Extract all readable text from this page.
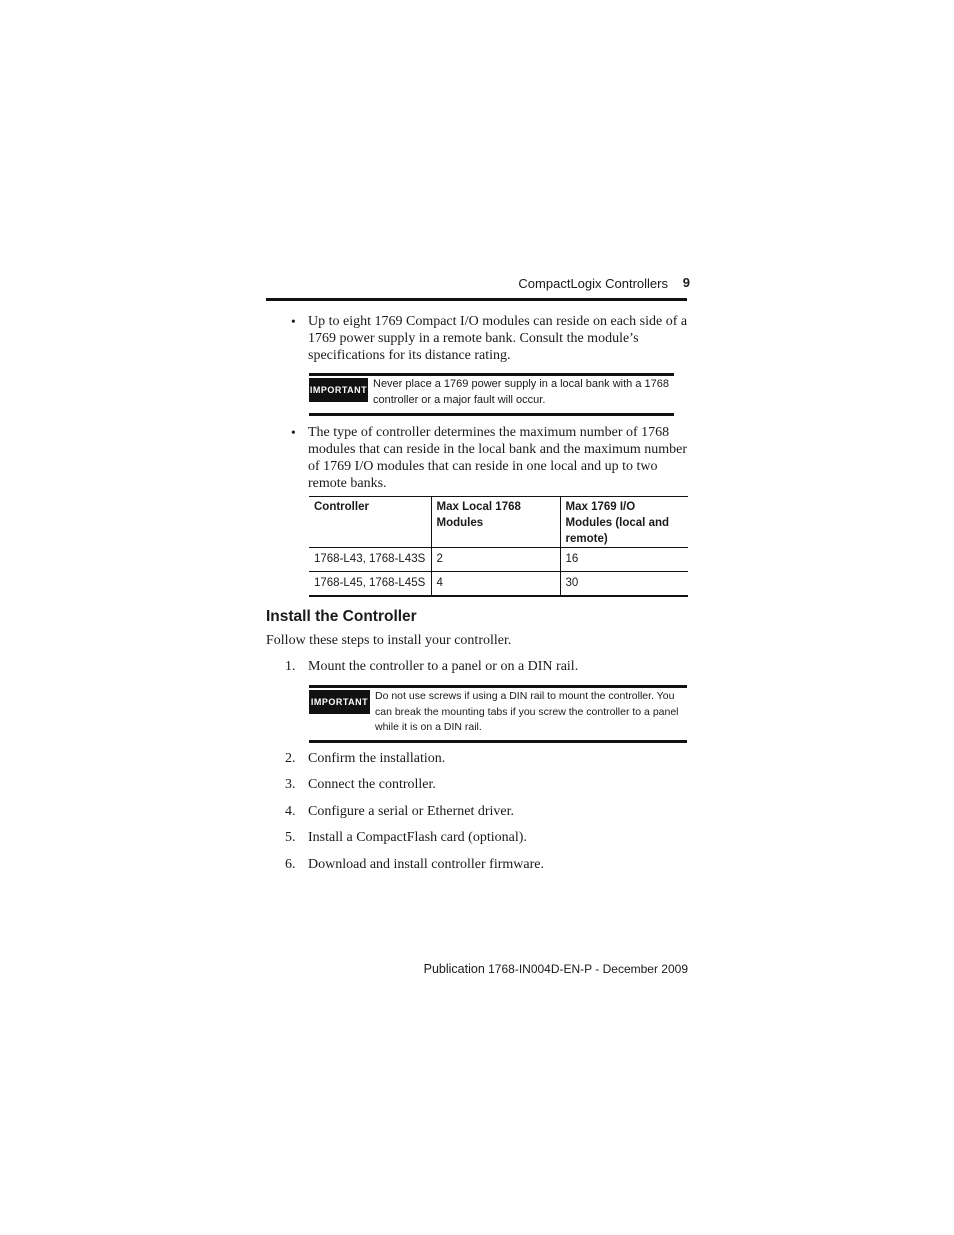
CompactLogix Controllers	9
• Up to eight 1769 Compact I/O modules can reside on each side of a 1769 power supply in a remote bank. Consult the module’s specifications for its distance rating.
IMPORTANT Never place a 1769 power supply in a local bank with a 1768 controller or a major fault will occur.
• The type of controller determines the maximum number of 1768 modules that can reside in the local bank and the maximum number of 1769 I/O modules that can reside in one local and up to two remote banks.
Controller	Max Local 1768 Modules	Max 1769 I/O Modules (local and remote)
1768-L43, 1768-L43S	2	16
1768-L45, 1768-L45S	4	30
Install the Controller
Follow these steps to install your controller.
1. Mount the controller to a panel or on a DIN rail.
IMPORTANT Do not use screws if using a DIN rail to mount the controller. You can break the mounting tabs if you screw the controller to a panel while it is on a DIN rail.
2. Confirm the installation.
3. Connect the controller.
4. Configure a serial or Ethernet driver.
5. Install a CompactFlash card (optional).
6. Download and install controller firmware.
Publication 1768-IN004D-EN-P - December 2009
